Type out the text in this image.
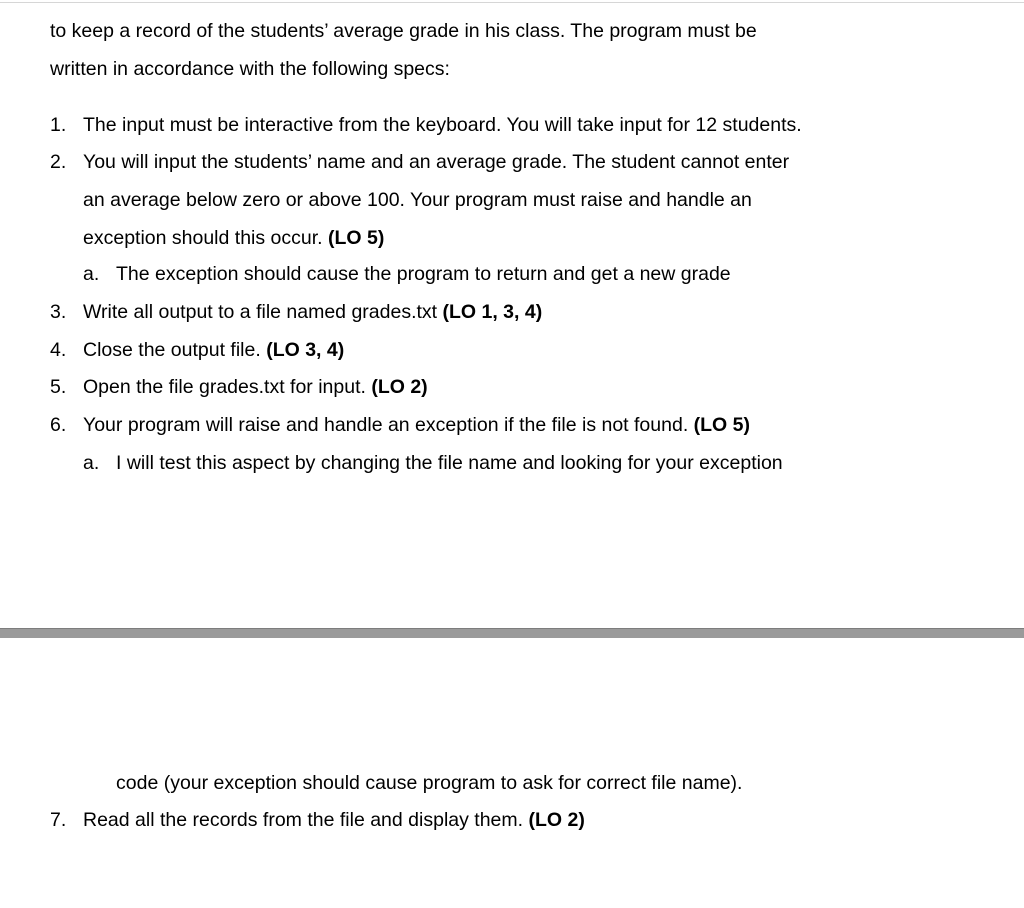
to keep a record of the students’ average grade in his class. The program must be
written in accordance with the following specs:
1. The input must be interactive from the keyboard. You will take input for 12 students.
2. You will input the students’ name and an average grade. The student cannot enter
an average below zero or above 100. Your program must raise and handle an
exception should this occur. (LO 5)
a. The exception should cause the program to return and get a new grade
3. Write all output to a file named grades.txt (LO 1, 3, 4)
4. Close the output file. (LO 3, 4)
5. Open the file grades.txt for input. (LO 2)
6. Your program will raise and handle an exception if the file is not found. (LO 5)
a. I will test this aspect by changing the file name and looking for your exception
code (your exception should cause program to ask for correct file name).
7. Read all the records from the file and display them. (LO 2)
